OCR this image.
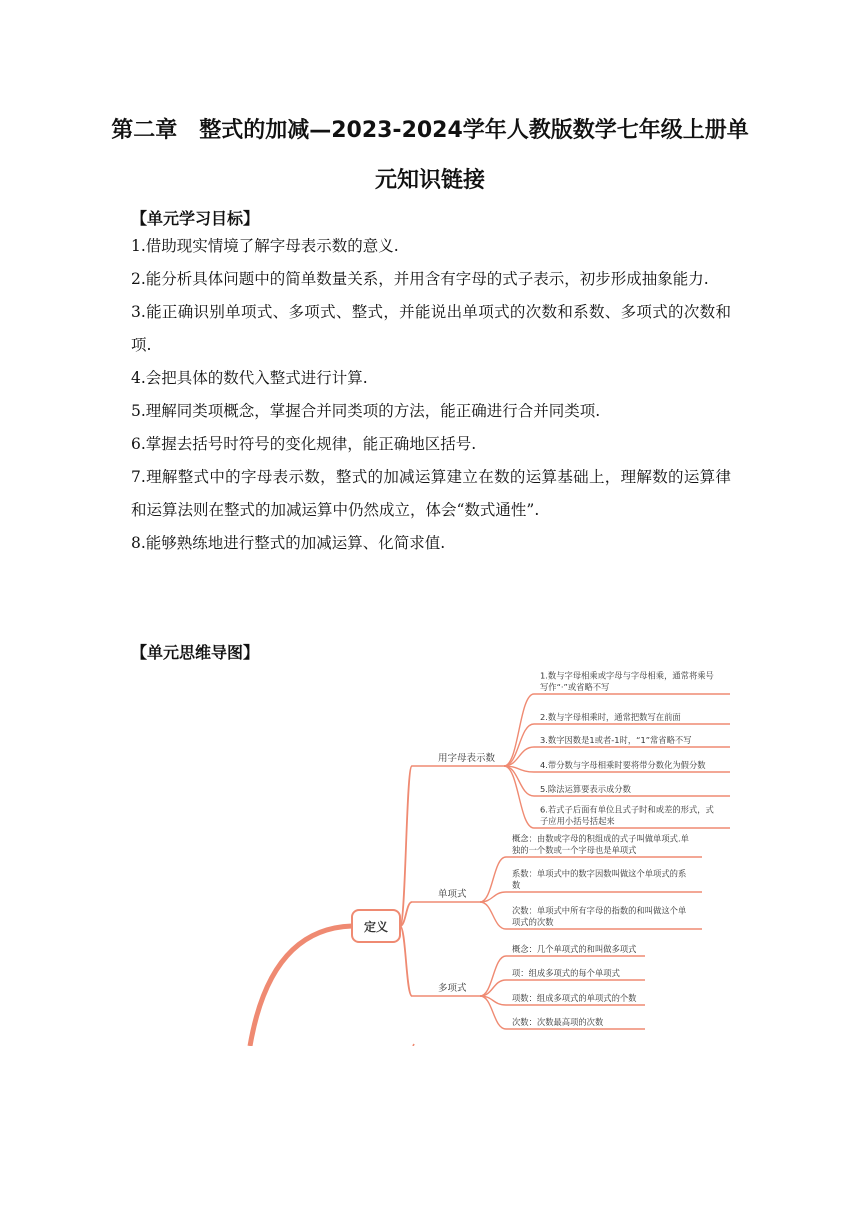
第二章　整式的加减—2023-2024学年人教版数学七年级上册单元知识链接
【单元学习目标】
1.借助现实情境了解字母表示数的意义.
2.能分析具体问题中的简单数量关系，并用含有字母的式子表示，初步形成抽象能力.
3.能正确识别单项式、多项式、整式，并能说出单项式的次数和系数、多项式的次数和项.
4.会把具体的数代入整式进行计算.
5.理解同类项概念，掌握合并同类项的方法，能正确进行合并同类项.
6.掌握去括号时符号的变化规律，能正确地区括号.
7.理解整式中的字母表示数，整式的加减运算建立在数的运算基础上，理解数的运算律和运算法则在整式的加减运算中仍然成立，体会“数式通性”.
8.能够熟练地进行整式的加减运算、化简求值.
【单元思维导图】
定义
用字母表示数
1.数与字母相乘或字母与字母相乘，通常将乘号
写作“·”或省略不写
2.数与字母相乘时，通常把数写在前面
3.数字因数是1或者-1时，“1”常省略不写
4.带分数与字母相乘时要将带分数化为假分数
5.除法运算要表示成分数
6.若式子后面有单位且式子时和或差的形式，式
子应用小括号括起来
单项式
概念：由数或字母的积组成的式子叫做单项式.单
独的一个数或一个字母也是单项式
系数：单项式中的数字因数叫做这个单项式的系
数
次数：单项式中所有字母的指数的和叫做这个单
项式的次数
多项式
概念：几个单项式的和叫做多项式
项：组成多项式的每个单项式
项数：组成多项式的单项式的个数
次数：次数最高项的次数
